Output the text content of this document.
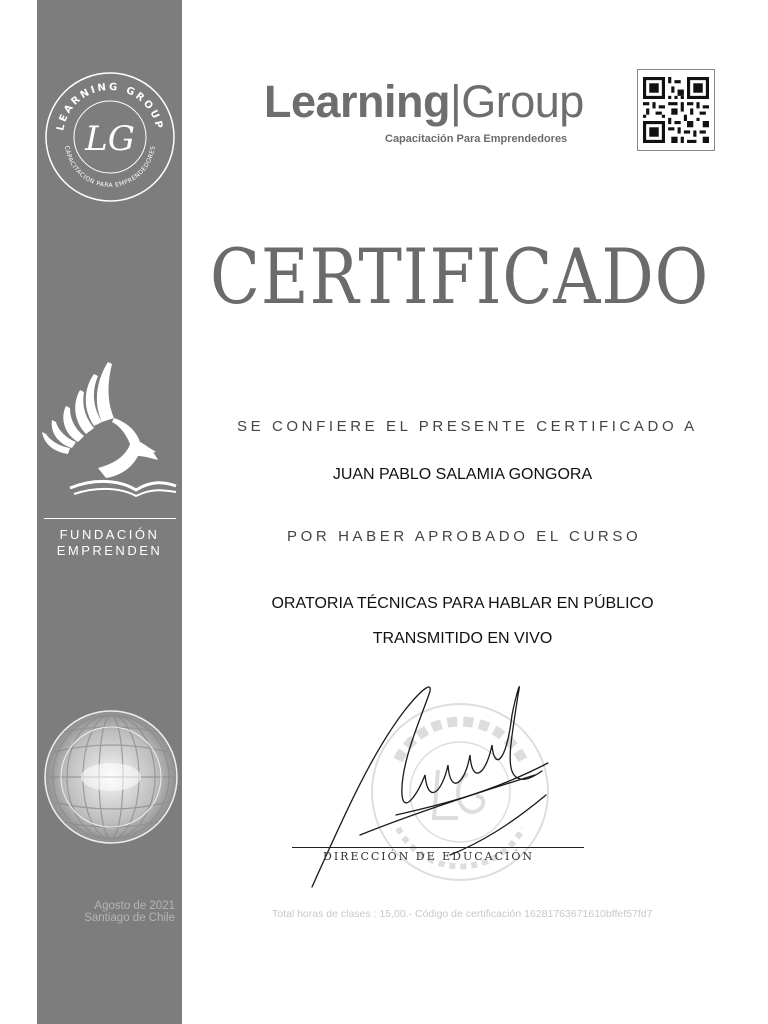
LEARNING GROUP
CAPACITACION PARA EMPRENDEDORES
LG
FUNDACIÓN
EMPRENDEN
Agosto de 2021
Santiago de Chile
Learning|Group
Capacitación Para Emprendedores
CERTIFICADO
SE CONFIERE EL PRESENTE CERTIFICADO A
JUAN PABLO SALAMIA GONGORA
POR HABER APROBADO EL CURSO
ORATORIA TÉCNICAS PARA HABLAR EN PÚBLICO
TRANSMITIDO EN VIVO
DIRECCIÓN DE EDUCACIÓN
Total horas de clases : 15,00.- Código de certificación 16281763671610bffef57fd7
